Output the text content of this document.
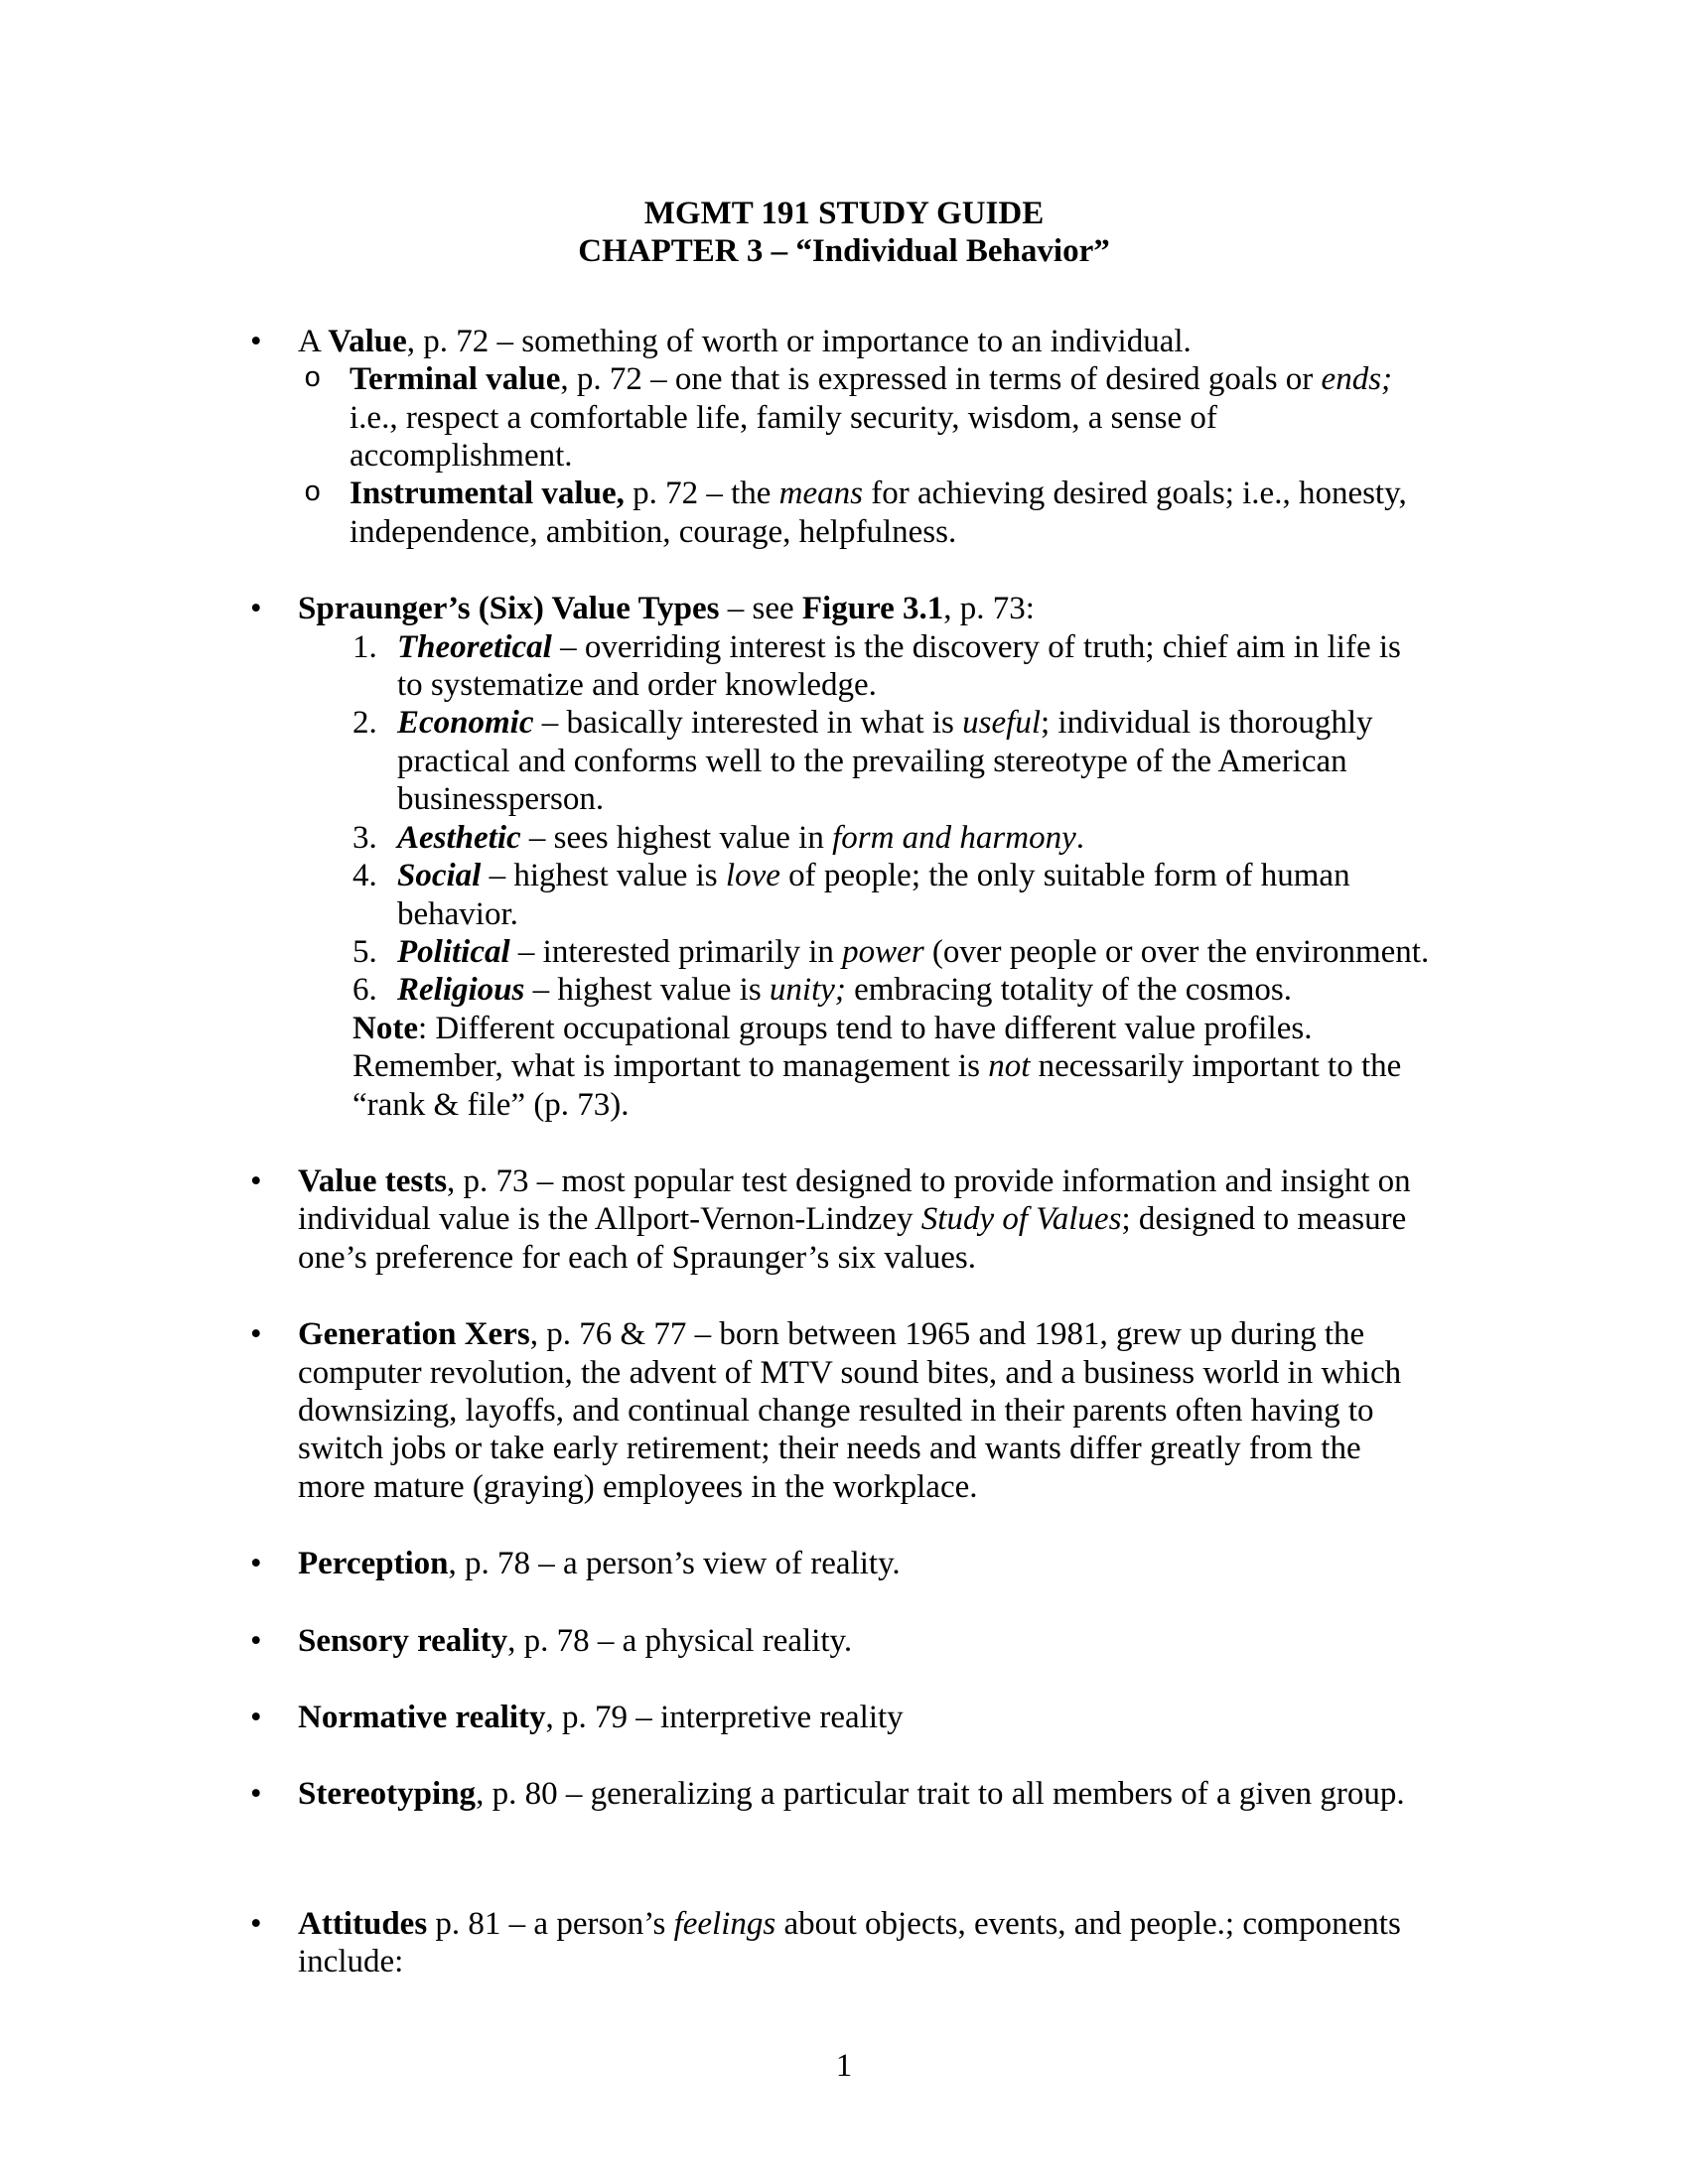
MGMT 191 STUDY GUIDE
CHAPTER 3 – “Individual Behavior”
• A Value, p. 72 – something of worth or importance to an individual.
o Terminal value, p. 72 – one that is expressed in terms of desired goals or ends;
i.e., respect a comfortable life, family security, wisdom, a sense of
accomplishment.
o Instrumental value, p. 72 – the means for achieving desired goals; i.e., honesty,
independence, ambition, courage, helpfulness.
• Spraunger’s (Six) Value Types – see Figure 3.1, p. 73:
1. Theoretical – overriding interest is the discovery of truth; chief aim in life is
to systematize and order knowledge.
2. Economic – basically interested in what is useful; individual is thoroughly
practical and conforms well to the prevailing stereotype of the American
businessperson.
3. Aesthetic – sees highest value in form and harmony.
4. Social – highest value is love of people; the only suitable form of human
behavior.
5. Political – interested primarily in power (over people or over the environment.
6. Religious – highest value is unity; embracing totality of the cosmos.
Note: Different occupational groups tend to have different value profiles.
Remember, what is important to management is not necessarily important to the
“rank & file” (p. 73).
• Value tests, p. 73 – most popular test designed to provide information and insight on
individual value is the Allport-Vernon-Lindzey Study of Values; designed to measure
one’s preference for each of Spraunger’s six values.
• Generation Xers, p. 76 & 77 – born between 1965 and 1981, grew up during the
computer revolution, the advent of MTV sound bites, and a business world in which
downsizing, layoffs, and continual change resulted in their parents often having to
switch jobs or take early retirement; their needs and wants differ greatly from the
more mature (graying) employees in the workplace.
• Perception, p. 78 – a person’s view of reality.
• Sensory reality, p. 78 – a physical reality.
• Normative reality, p. 79 – interpretive reality
• Stereotyping, p. 80 – generalizing a particular trait to all members of a given group.
• Attitudes p. 81 – a person’s feelings about objects, events, and people.; components
include:
1
